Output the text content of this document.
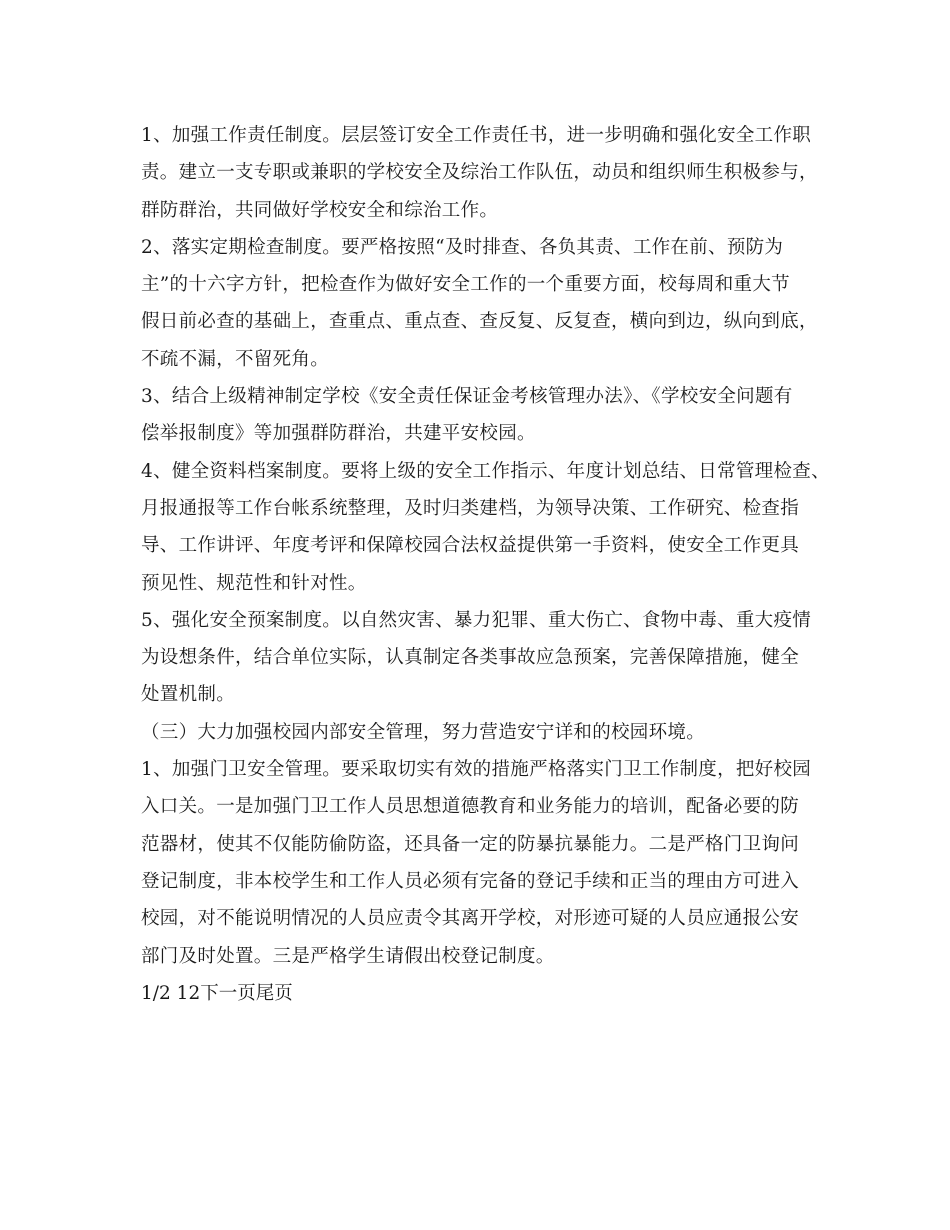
1、加强工作责任制度。层层签订安全工作责任书，进一步明确和强化安全工作职
责。建立一支专职或兼职的学校安全及综治工作队伍，动员和组织师生积极参与，
群防群治，共同做好学校安全和综治工作。
2、落实定期检查制度。要严格按照“及时排查、各负其责、工作在前、预防为
主”的十六字方针，把检查作为做好安全工作的一个重要方面，校每周和重大节
假日前必查的基础上，查重点、重点查、查反复、反复查，横向到边，纵向到底，
不疏不漏，不留死角。
3、结合上级精神制定学校《安全责任保证金考核管理办法》、《学校安全问题有
偿举报制度》等加强群防群治，共建平安校园。
4、健全资料档案制度。要将上级的安全工作指示、年度计划总结、日常管理检查、
月报通报等工作台帐系统整理，及时归类建档，为领导决策、工作研究、检查指
导、工作讲评、年度考评和保障校园合法权益提供第一手资料，使安全工作更具
预见性、规范性和针对性。
5、强化安全预案制度。以自然灾害、暴力犯罪、重大伤亡、食物中毒、重大疫情
为设想条件，结合单位实际，认真制定各类事故应急预案，完善保障措施，健全
处置机制。
（三）大力加强校园内部安全管理，努力营造安宁详和的校园环境。
1、加强门卫安全管理。要采取切实有效的措施严格落实门卫工作制度，把好校园
入口关。一是加强门卫工作人员思想道德教育和业务能力的培训，配备必要的防
范器材，使其不仅能防偷防盗，还具备一定的防暴抗暴能力。二是严格门卫询问
登记制度，非本校学生和工作人员必须有完备的登记手续和正当的理由方可进入
校园，对不能说明情况的人员应责令其离开学校，对形迹可疑的人员应通报公安
部门及时处置。三是严格学生请假出校登记制度。
1/2 12下一页尾页
